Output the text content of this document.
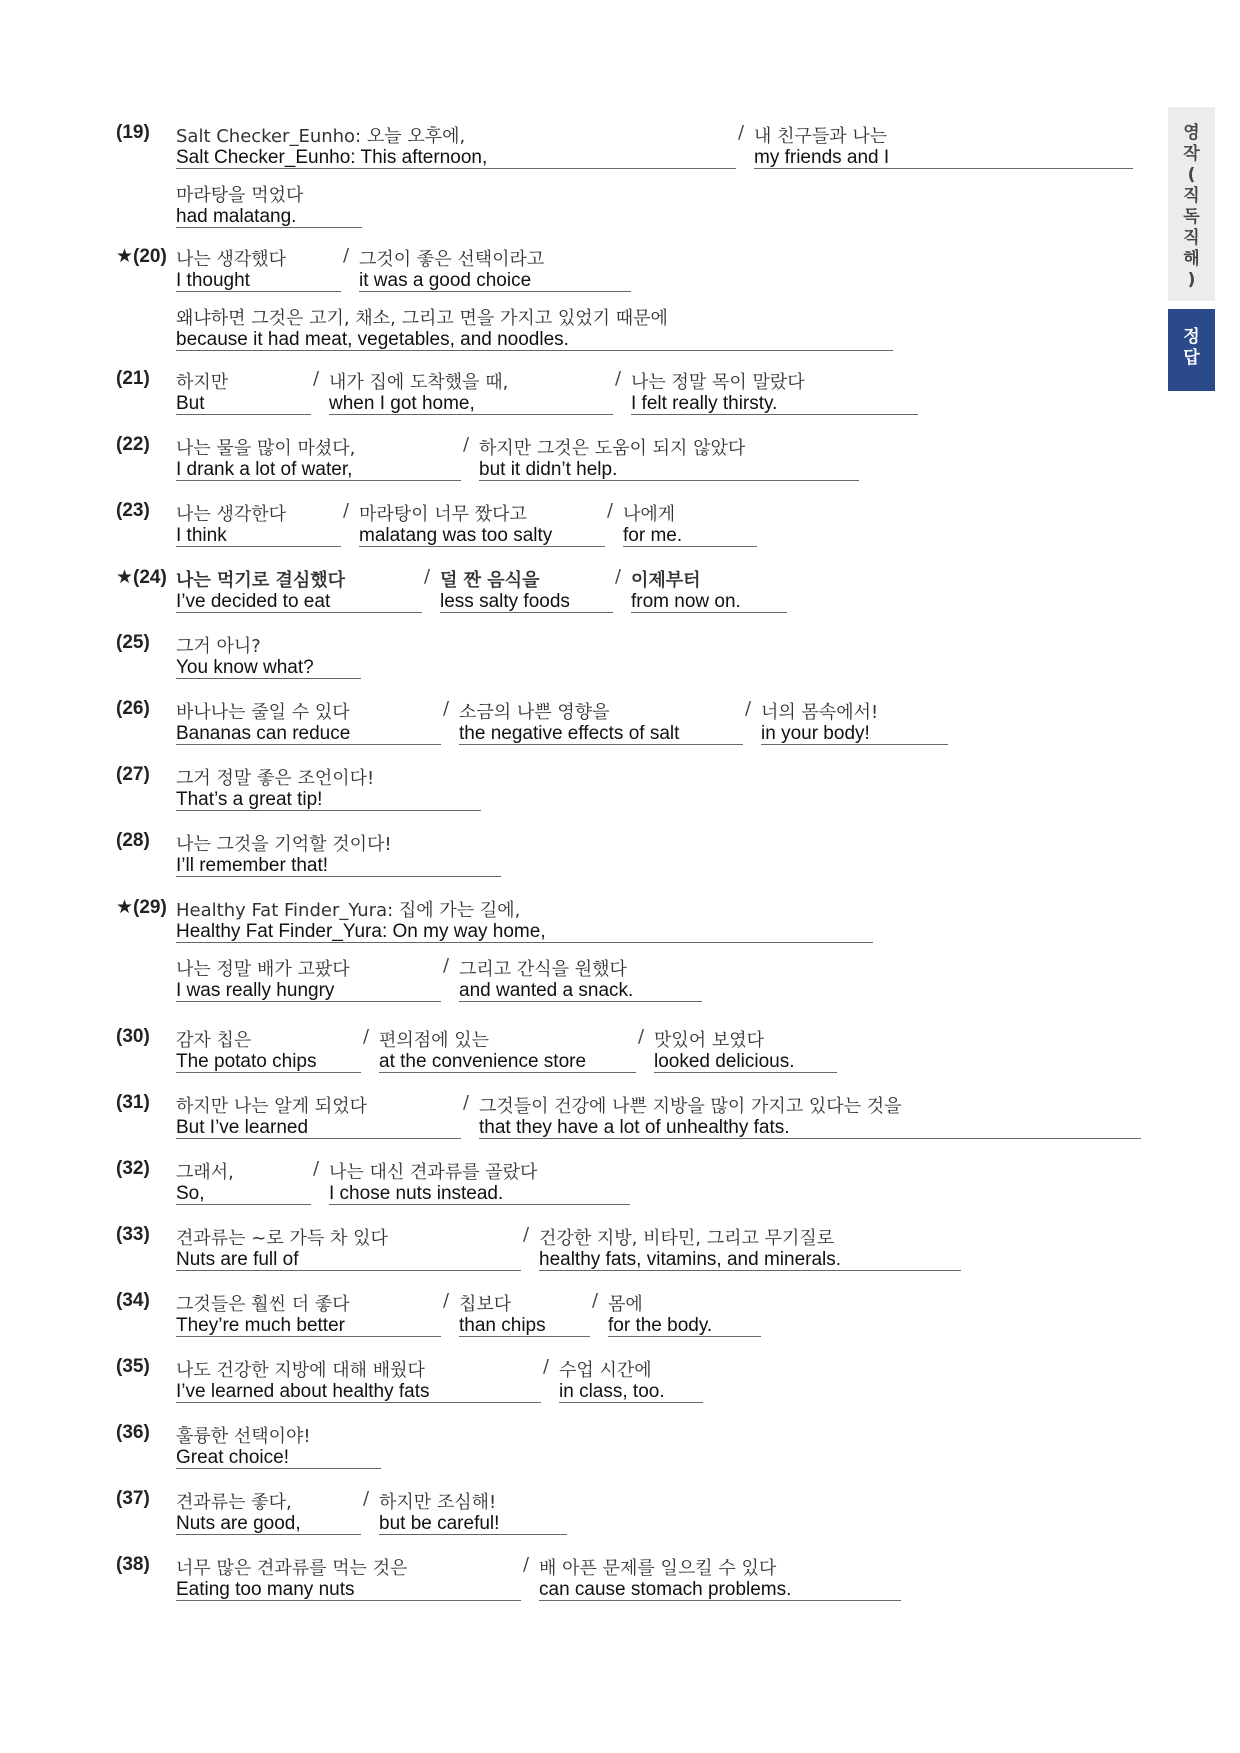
(19) Salt Checker_Eunho: 오늘 오후에,
Salt Checker_Eunho: This afternoon,
/ 내 친구들과 나는
my friends and I
마라탕을 먹었다
had malatang.
★(20) 나는 생각했다
I thought
/ 그것이 좋은 선택이라고
it was a good choice
왜냐하면 그것은 고기, 채소, 그리고 면을 가지고 있었기 때문에
because it had meat, vegetables, and noodles.
(21) 하지만
But
/ 내가 집에 도착했을 때,
when I got home,
/ 나는 정말 목이 말랐다
I felt really thirsty.
(22) 나는 물을 많이 마셨다,
I drank a lot of water,
/ 하지만 그것은 도움이 되지 않았다
but it didn’t help.
(23) 나는 생각한다
I think
/ 마라탕이 너무 짰다고
malatang was too salty
/ 나에게
for me.
★(24) 나는 먹기로 결심했다
I’ve decided to eat
/ 덜 짠 음식을
less salty foods
/ 이제부터
from now on.
(25) 그거 아니?
You know what?
(26) 바나나는 줄일 수 있다
Bananas can reduce
/ 소금의 나쁜 영향을
the negative effects of salt
/ 너의 몸속에서!
in your body!
(27) 그거 정말 좋은 조언이다!
That’s a great tip!
(28) 나는 그것을 기억할 것이다!
I’ll remember that!
★(29) Healthy Fat Finder_Yura: 집에 가는 길에,
Healthy Fat Finder_Yura: On my way home,
나는 정말 배가 고팠다
I was really hungry
/ 그리고 간식을 원했다
and wanted a snack.
(30) 감자 칩은
The potato chips
/ 편의점에 있는
at the convenience store
/ 맛있어 보였다
looked delicious.
(31) 하지만 나는 알게 되었다
But I’ve learned
/ 그것들이 건강에 나쁜 지방을 많이 가지고 있다는 것을
that they have a lot of unhealthy fats.
(32) 그래서,
So,
/ 나는 대신 견과류를 골랐다
I chose nuts instead.
(33) 견과류는 ~로 가득 차 있다
Nuts are full of
/ 건강한 지방, 비타민, 그리고 무기질로
healthy fats, vitamins, and minerals.
(34) 그것들은 훨씬 더 좋다
They’re much better
/ 칩보다
than chips
/ 몸에
for the body.
(35) 나도 건강한 지방에 대해 배웠다
I’ve learned about healthy fats
/ 수업 시간에
in class, too.
(36) 훌륭한 선택이야!
Great choice!
(37) 견과류는 좋다,
Nuts are good,
/ 하지만 조심해!
but be careful!
(38) 너무 많은 견과류를 먹는 것은
Eating too many nuts
/ 배 아픈 문제를 일으킬 수 있다
can cause stomach problems.
영
작
(
직
독
직
해
)
정
답
